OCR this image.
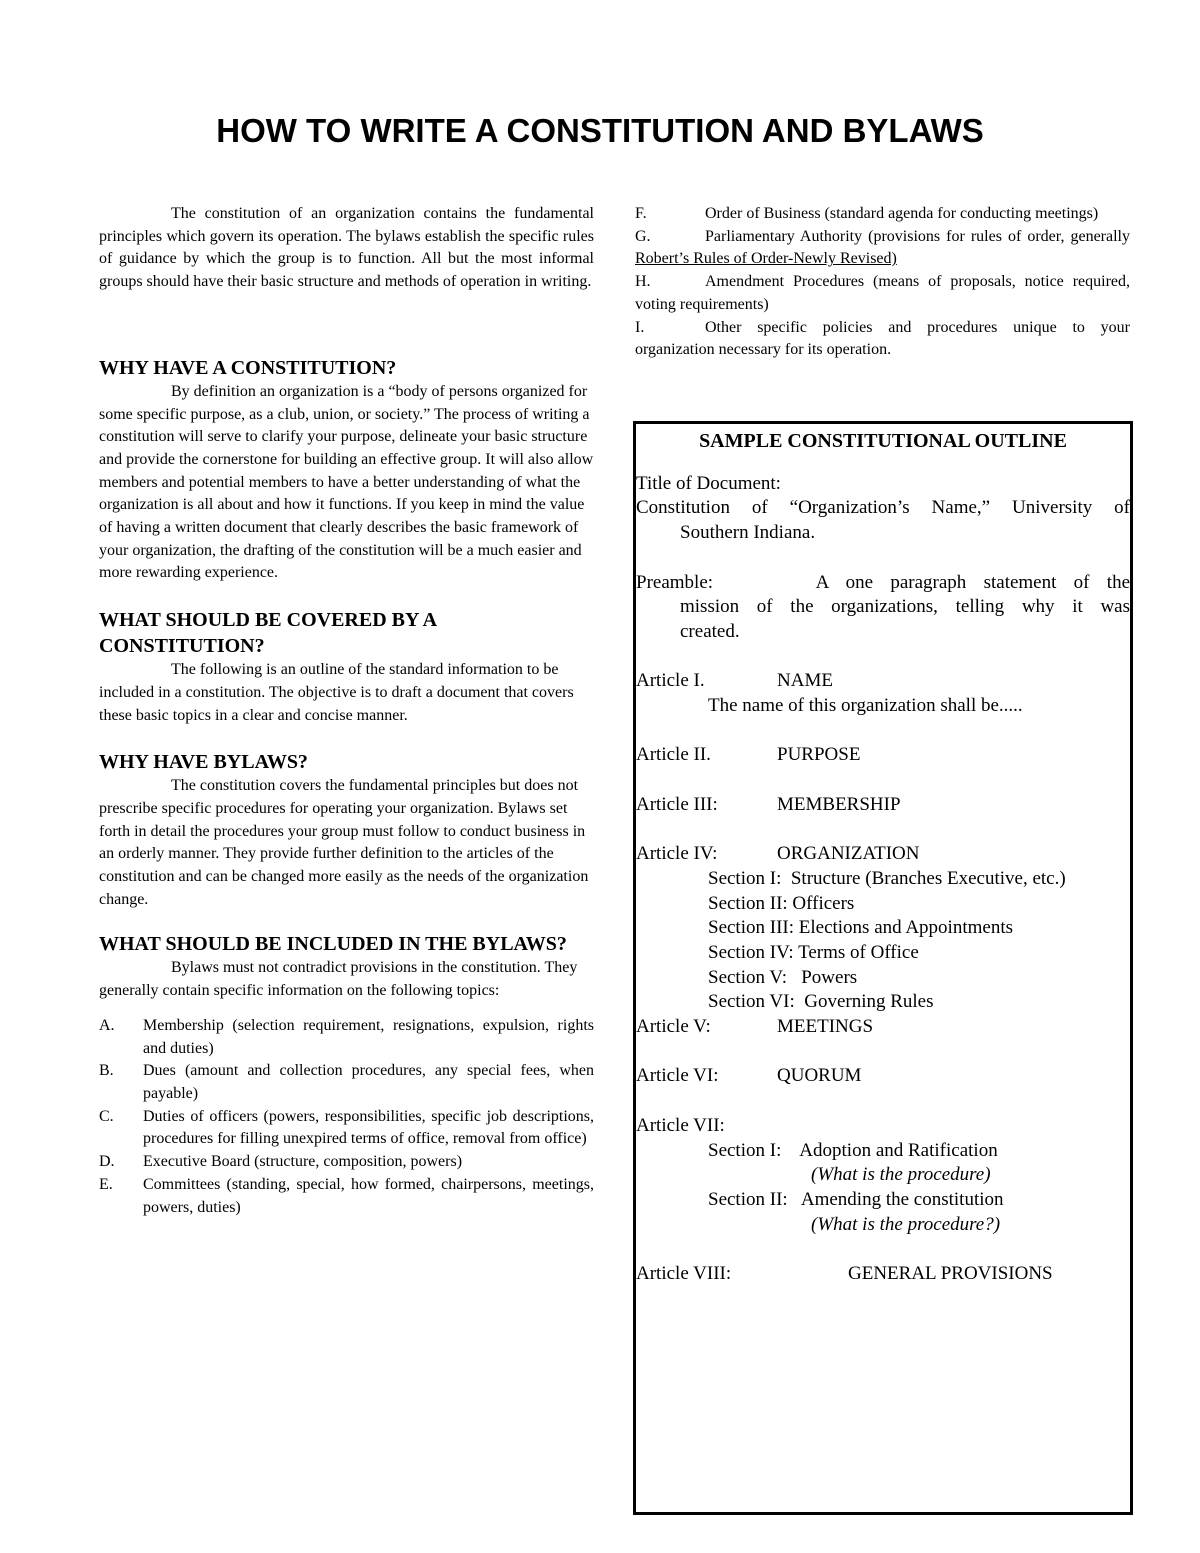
HOW TO WRITE A CONSTITUTION AND BYLAWS

The constitution of an organization contains the fundamental principles which govern its operation. The bylaws establish the specific rules of guidance by which the group is to function. All but the most informal groups should have their basic structure and methods of operation in writing.

WHY HAVE A CONSTITUTION?

By definition an organization is a “body of persons organized for some specific purpose, as a club, union, or society.” The process of writing a constitution will serve to clarify your purpose, delineate your basic structure and provide the cornerstone for building an effective group. It will also allow members and potential members to have a better understanding of what the organization is all about and how it functions. If you keep in mind the value of having a written document that clearly describes the basic framework of your organization, the drafting of the constitution will be a much easier and more rewarding experience.

WHAT SHOULD BE COVERED BY A CONSTITUTION?

The following is an outline of the standard information to be included in a constitution. The objective is to draft a document that covers these basic topics in a clear and concise manner.

WHY HAVE BYLAWS?

The constitution covers the fundamental principles but does not prescribe specific procedures for operating your organization. Bylaws set forth in detail the procedures your group must follow to conduct business in an orderly manner. They provide further definition to the articles of the constitution and can be changed more easily as the needs of the organization change.

WHAT SHOULD BE INCLUDED IN THE BYLAWS?

Bylaws must not contradict provisions in the constitution. They generally contain specific information on the following topics:

A.	Membership (selection requirement, resignations, expulsion, rights and duties)
B.	Dues (amount and collection procedures, any special fees, when payable)
C.	Duties of officers (powers, responsibilities, specific job descriptions, procedures for filling unexpired terms of office, removal from office)
D.	Executive Board (structure, composition, powers)
E.	Committees (standing, special, how formed, chairpersons, meetings, powers, duties)

F.	Order of Business (standard agenda for conducting meetings)

G.	Parliamentary Authority (provisions for rules of order, generally Robert’s Rules of Order-Newly Revised)

H.	Amendment Procedures (means of proposals, notice required, voting requirements)

I.	Other specific policies and procedures unique to your organization necessary for its operation.

SAMPLE CONSTITUTIONAL OUTLINE
Title of Document:
Constitution of “Organization’s Name,” University of
Southern Indiana.
Preamble:      A one paragraph statement of the
mission of the organizations, telling why it was
created.
Article I.	NAME
The name of this organization shall be.....
Article II.	PURPOSE
Article III:	MEMBERSHIP
Article IV:	ORGANIZATION
Section I:  Structure (Branches Executive, etc.)
Section II: Officers
Section III: Elections and Appointments
Section IV: Terms of Office
Section V:   Powers
Section VI:  Governing Rules
Article V:	MEETINGS
Article VI:	QUORUM
Article VII:
Section I:    Adoption and Ratification
(What is the procedure)
Section II:   Amending the constitution
(What is the procedure?)
Article VIII:	GENERAL PROVISIONS
